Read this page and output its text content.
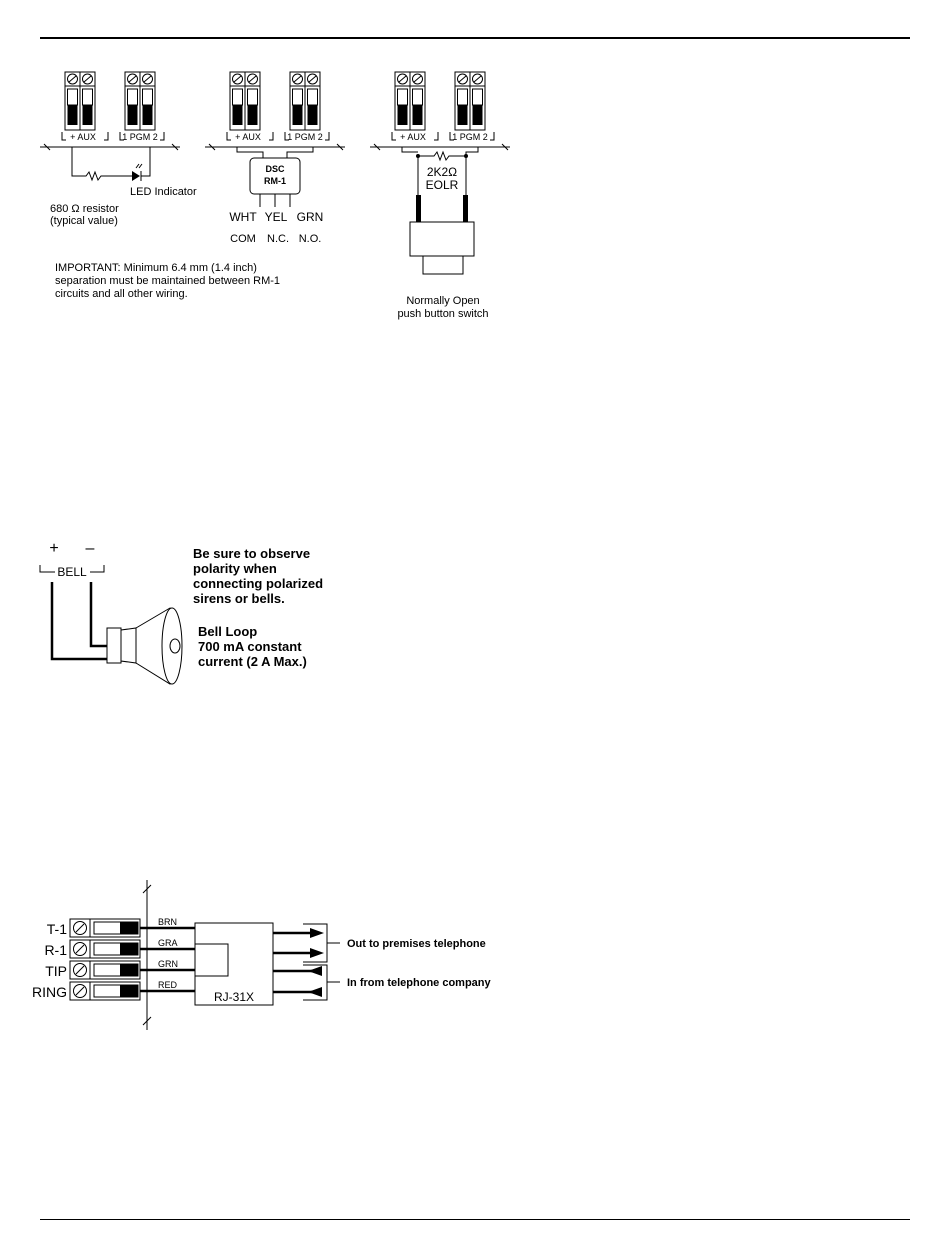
+ AUX	1 PGM 2
680 Ω resistor
(typical value)
LED Indicator
IMPORTANT: Minimum 6.4 mm (1.4 inch)
separation must be maintained between RM-1
circuits and all other wiring.
+ AUX	1 PGM 2
DSC
RM-1
WHT YEL GRN
COM N.C. N.O.
+ AUX	1 PGM 2
2K2Ω
EOLR
Normally Open
push button switch
+ –
BELL
Be sure to observe
polarity when
connecting polarized
sirens or bells.
Bell Loop
700 mA constant
current (2 A Max.)
T-1
R-1
TIP
RING
BRN
GRA
GRN
RED
RJ-31X
Out to premises telephone
In from telephone company
